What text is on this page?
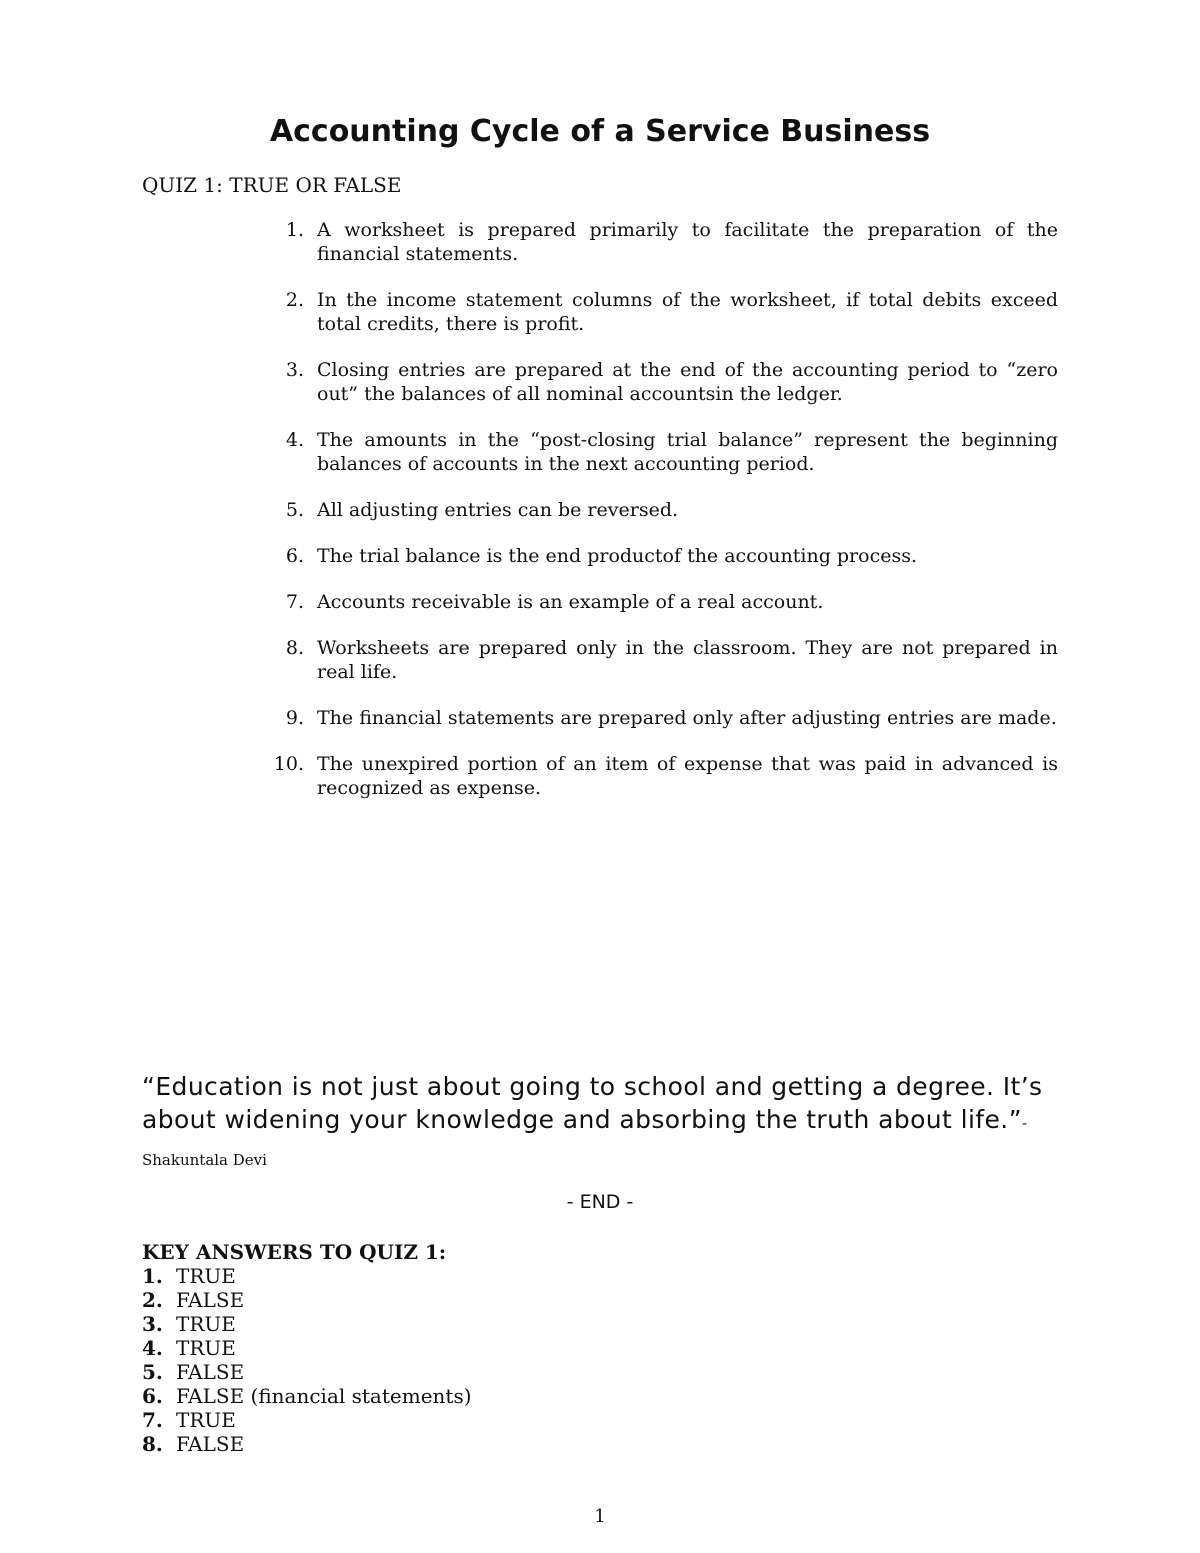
Accounting Cycle of a Service Business

QUIZ 1: TRUE OR FALSE

1. A worksheet is prepared primarily to facilitate the preparation of the financial statements.
2. In the income statement columns of the worksheet, if total debits exceed total credits, there is profit.
3. Closing entries are prepared at the end of the accounting period to “zero out” the balances of all nominal accountsin the ledger.
4. The amounts in the “post-closing trial balance” represent the beginning balances of accounts in the next accounting period.
5. All adjusting entries can be reversed.
6. The trial balance is the end productof the accounting process.
7. Accounts receivable is an example of a real account.
8. Worksheets are prepared only in the classroom. They are not prepared in real life.
9. The financial statements are prepared only after adjusting entries are made.
10. The unexpired portion of an item of expense that was paid in advanced is recognized as expense.

“Education is not just about going to school and getting a degree. It’s about widening your knowledge and absorbing the truth about life.”-Shakuntala Devi

- END -

KEY ANSWERS TO QUIZ 1:

1. TRUE
2. FALSE
3. TRUE
4. TRUE
5. FALSE
6. FALSE (financial statements)
7. TRUE
8. FALSE

1
